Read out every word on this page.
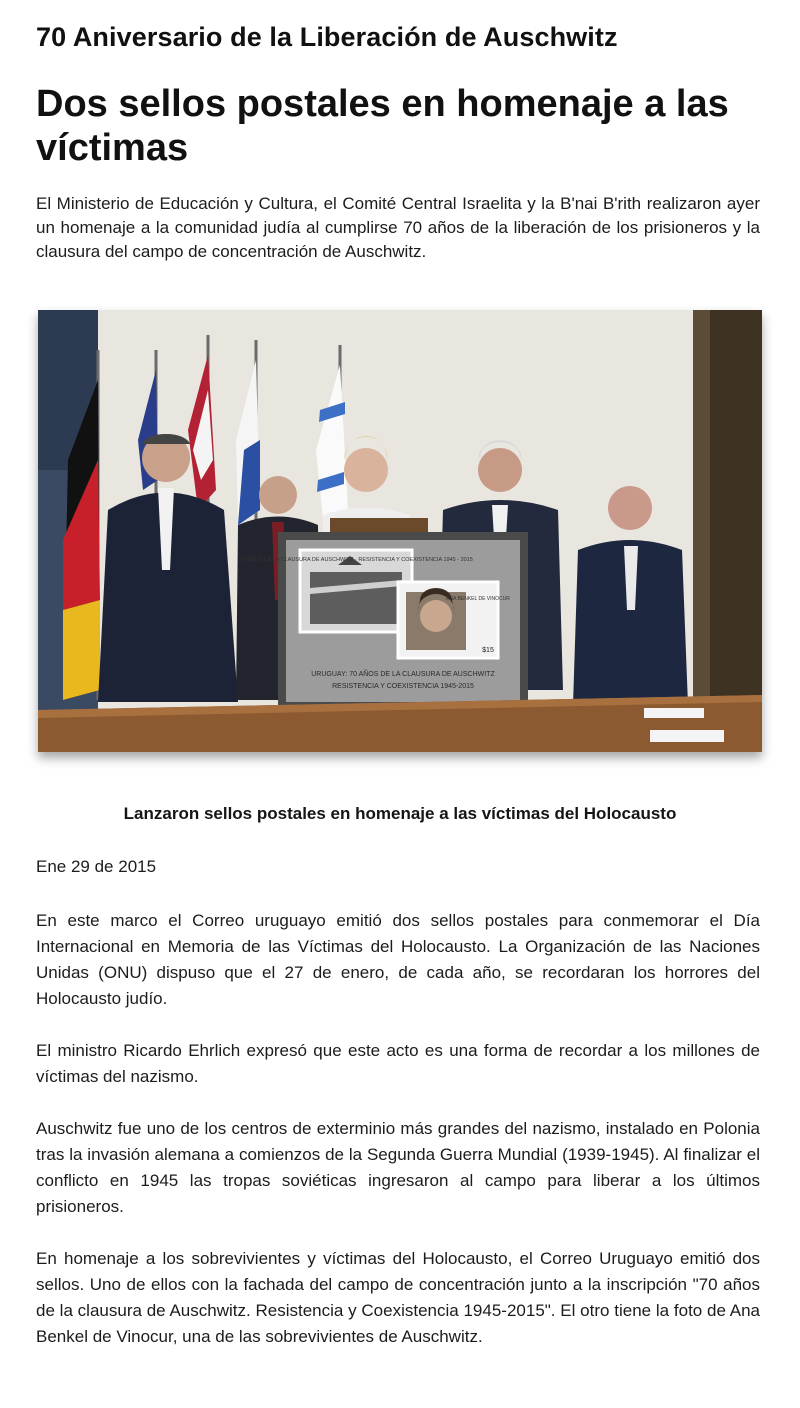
70 Aniversario de la Liberación de Auschwitz
Dos sellos postales en homenaje a las víctimas

El Ministerio de Educación y Cultura, el Comité Central Israelita y la B'nai B'rith realizaron ayer un homenaje a la comunidad judía al cumplirse 70 años de la liberación de los prisioneros y la clausura del campo de concentración de Auschwitz.

70 AÑOS DE LA CLAUSURA DE AUSCHWITZ · RESISTENCIA Y COEXISTENCIA 1945 - 2015
ANA BENKEL DE VINOCUR
$15
URUGUAY: 70 AÑOS DE LA CLAUSURA DE AUSCHWITZ
RESISTENCIA Y COEXISTENCIA 1945-2015
Lanzaron sellos postales en homenaje a las víctimas del Holocausto
Ene 29 de 2015

En este marco el Correo uruguayo emitió dos sellos postales para conmemorar el Día Internacional en Memoria de las Víctimas del Holocausto. La Organización de las Naciones Unidas (ONU) dispuso que el 27 de enero, de cada año, se recordaran los horrores del Holocausto judío.

El ministro Ricardo Ehrlich expresó que este acto es una forma de recordar a los millones de víctimas del nazismo.

Auschwitz fue uno de los centros de exterminio más grandes del nazismo, instalado en Polonia tras la invasión alemana a comienzos de la Segunda Guerra Mundial (1939-1945). Al finalizar el conflicto en 1945 las tropas soviéticas ingresaron al campo para liberar a los últimos prisioneros.

En homenaje a los sobrevivientes y víctimas del Holocausto, el Correo Uruguayo emitió dos sellos. Uno de ellos con la fachada del campo de concentración junto a la inscripción "70 años de la clausura de Auschwitz. Resistencia y Coexistencia 1945-2015". El otro tiene la foto de Ana Benkel de Vinocur, una de las sobrevivientes de Auschwitz.
